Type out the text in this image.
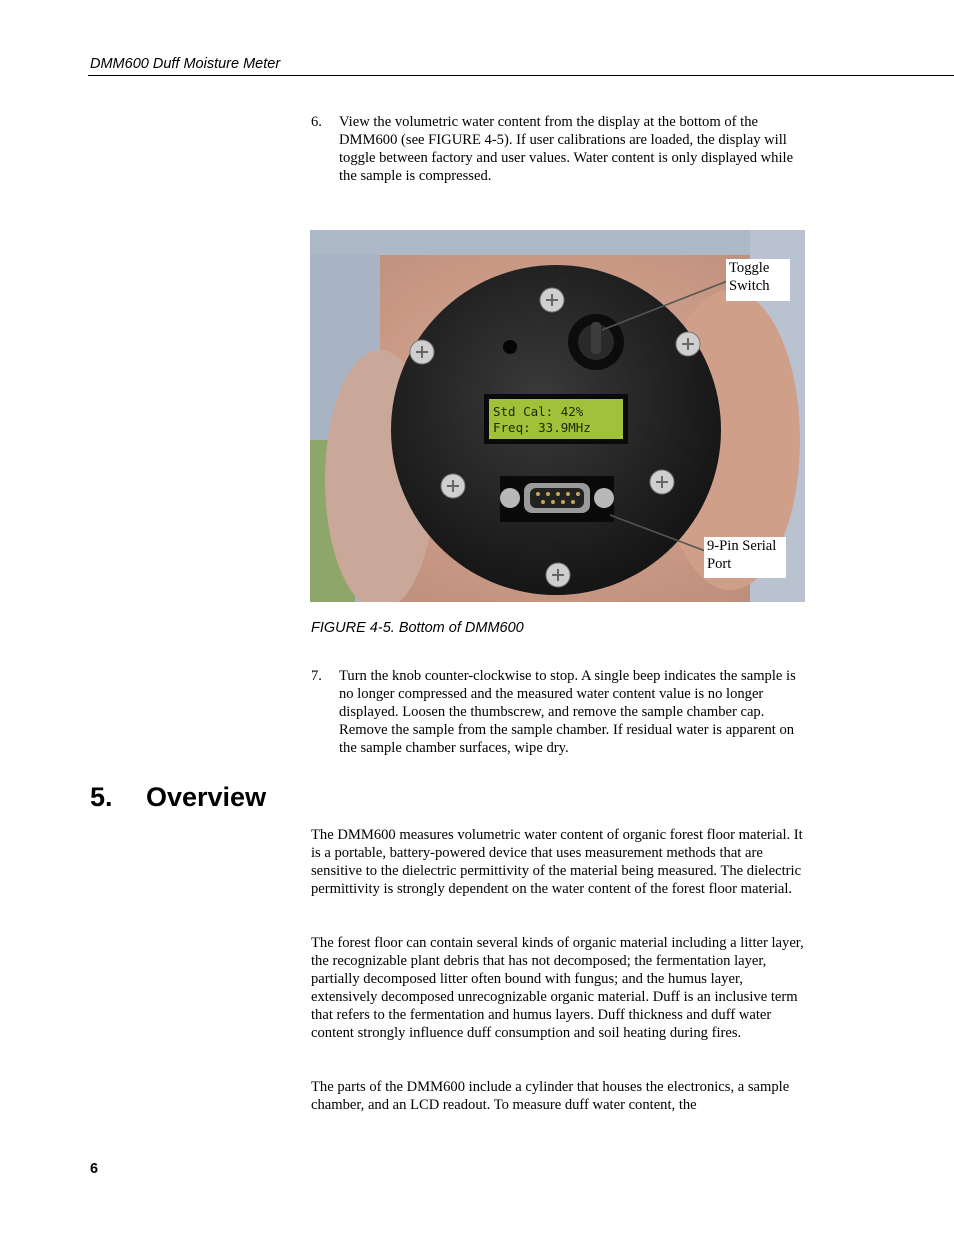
DMM600 Duff Moisture Meter
6. View the volumetric water content from the display at the bottom of the DMM600 (see FIGURE 4-5). If user calibrations are loaded, the display will toggle between factory and user values. Water content is only displayed while the sample is compressed.
Std Cal: 42%
Freq: 33.9MHz
Toggle Switch
9-Pin Serial Port
FIGURE 4-5. Bottom of DMM600
7. Turn the knob counter-clockwise to stop. A single beep indicates the sample is no longer compressed and the measured water content value is no longer displayed. Loosen the thumbscrew, and remove the sample chamber cap. Remove the sample from the sample chamber. If residual water is apparent on the sample chamber surfaces, wipe dry.
5. Overview
The DMM600 measures volumetric water content of organic forest floor material. It is a portable, battery-powered device that uses measurement methods that are sensitive to the dielectric permittivity of the material being measured. The dielectric permittivity is strongly dependent on the water content of the forest floor material.
The forest floor can contain several kinds of organic material including a litter layer, the recognizable plant debris that has not decomposed; the fermentation layer, partially decomposed litter often bound with fungus; and the humus layer, extensively decomposed unrecognizable organic material. Duff is an inclusive term that refers to the fermentation and humus layers. Duff thickness and duff water content strongly influence duff consumption and soil heating during fires.
The parts of the DMM600 include a cylinder that houses the electronics, a sample chamber, and an LCD readout. To measure duff water content, the
6
